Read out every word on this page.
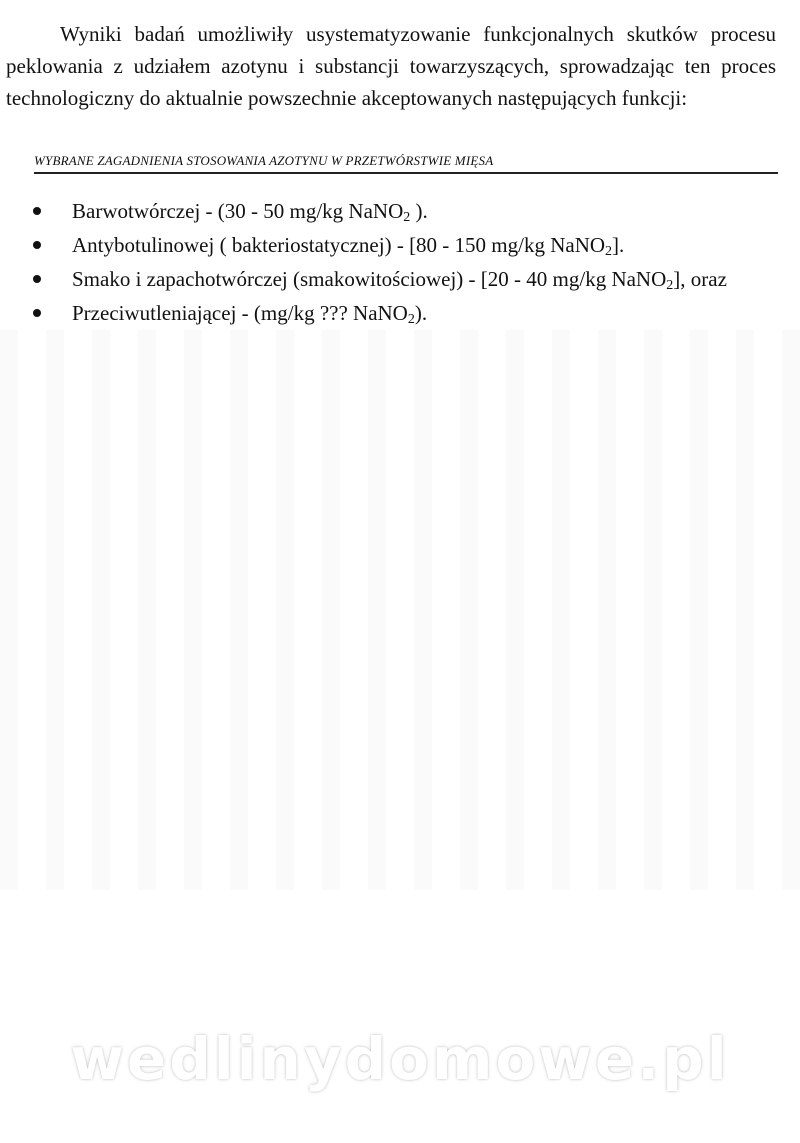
Wyniki badań umożliwiły usystematyzowanie funkcjonalnych skutków procesu peklowania z udziałem azotynu i substancji towarzyszących, sprowadzając ten proces technologiczny do aktualnie powszechnie akceptowanych następujących funkcji:

WYBRANE ZAGADNIENIA STOSOWANIA AZOTYNU W PRZETWÓRSTWIE MIĘSA
Barwotwórczej - (30 - 50 mg/kg NaNO$_2$ ).
Antybotulinowej ( bakteriostatycznej) - [80 - 150 mg/kg NaNO$_2$].
Smako i zapachotwórczej (smakowitościowej) - [20 - 40 mg/kg NaNO$_2$], oraz
Przeciwutleniającej - (mg/kg ??? NaNO$_2$).
wedlinydomowe.pl
